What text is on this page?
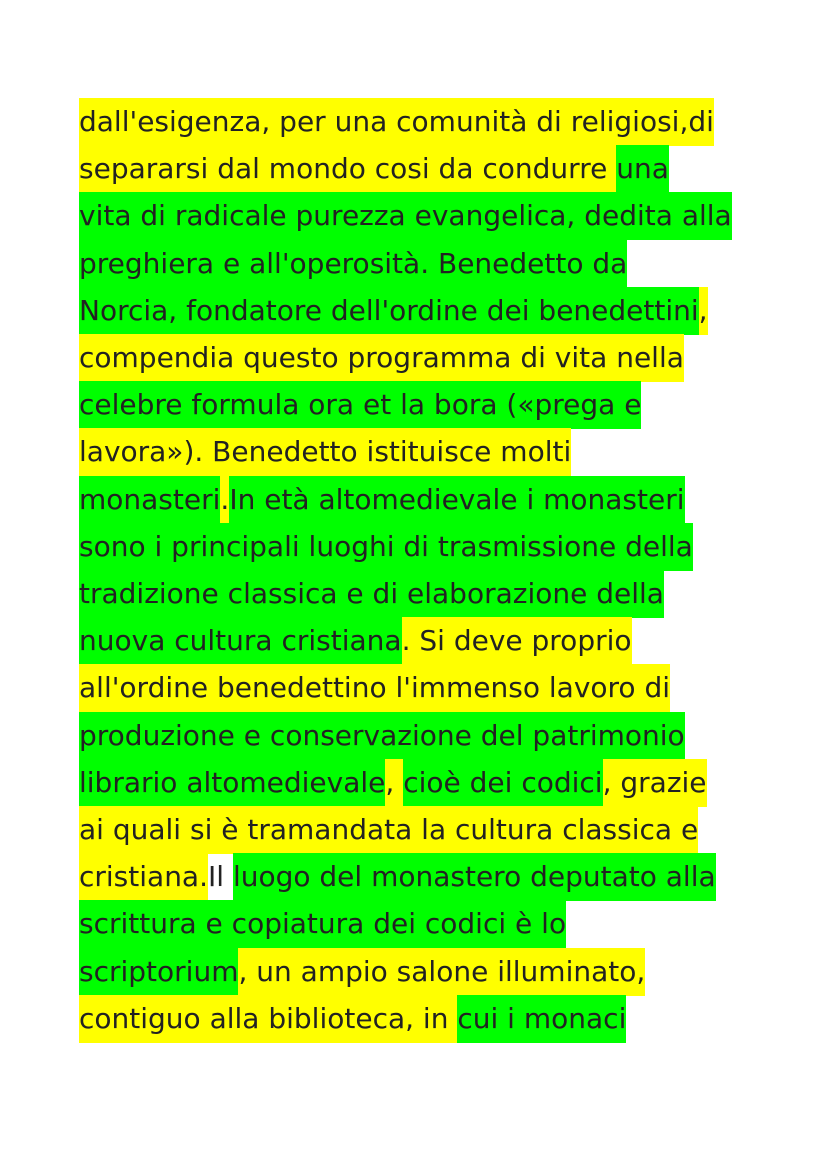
dall'esigenza, per una comunità di religiosi,di
separarsi dal mondo cosi da condurre una
vita di radicale purezza evangelica, dedita alla
preghiera e all'operosità. Benedetto da
Norcia, fondatore dell'ordine dei benedettini,
compendia questo programma di vita nella
celebre formula ora et la bora («prega e
lavora»). Benedetto istituisce molti
monasteri.In età altomedievale i monasteri
sono i principali luoghi di trasmissione della
tradizione classica e di elaborazione della
nuova cultura cristiana. Si deve proprio
all'ordine benedettino l'immenso lavoro di
produzione e conservazione del patrimonio
librario altomedievale, cioè dei codici, grazie
ai quali si è tramandata la cultura classica e
cristiana.Il luogo del monastero deputato alla
scrittura e copiatura dei codici è lo
scriptorium, un ampio salone illuminato,
contiguo alla biblioteca, in cui i monaci
